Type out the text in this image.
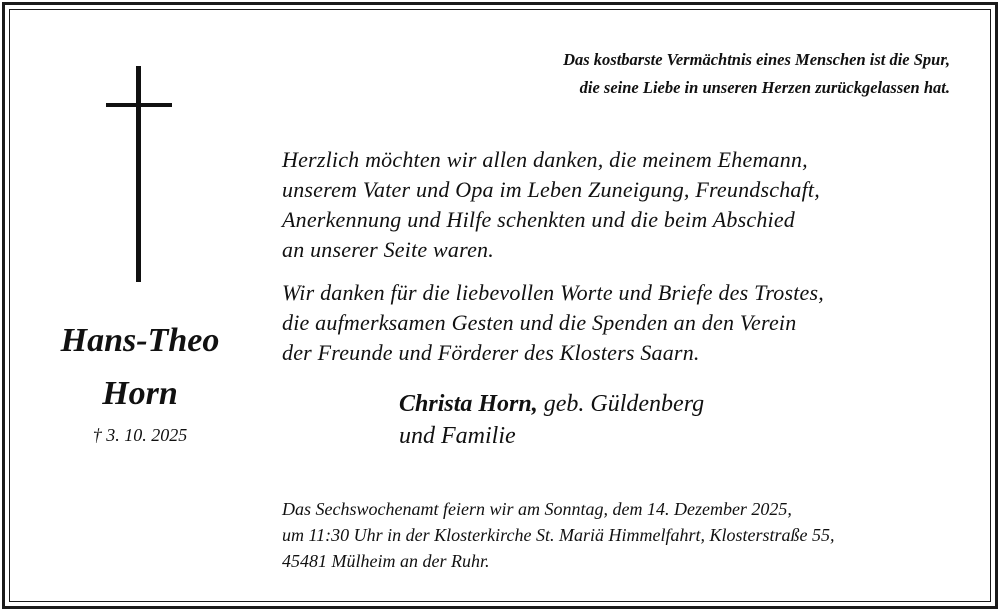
Das kostbarste Vermächtnis eines Menschen ist die Spur,
die seine Liebe in unseren Herzen zurückgelassen hat.
Hans-Theo
Horn
† 3. 10. 2025
Herzlich möchten wir allen danken, die meinem Ehemann,
unserem Vater und Opa im Leben Zuneigung, Freundschaft,
Anerkennung und Hilfe schenkten und die beim Abschied
an unserer Seite waren.
Wir danken für die liebevollen Worte und Briefe des Trostes,
die aufmerksamen Gesten und die Spenden an den Verein
der Freunde und Förderer des Klosters Saarn.
Christa Horn, geb. Güldenberg
und Familie
Das Sechswochenamt feiern wir am Sonntag, dem 14. Dezember 2025,
um 11:30 Uhr in der Klosterkirche St. Mariä Himmelfahrt, Klosterstraße 55,
45481 Mülheim an der Ruhr.
